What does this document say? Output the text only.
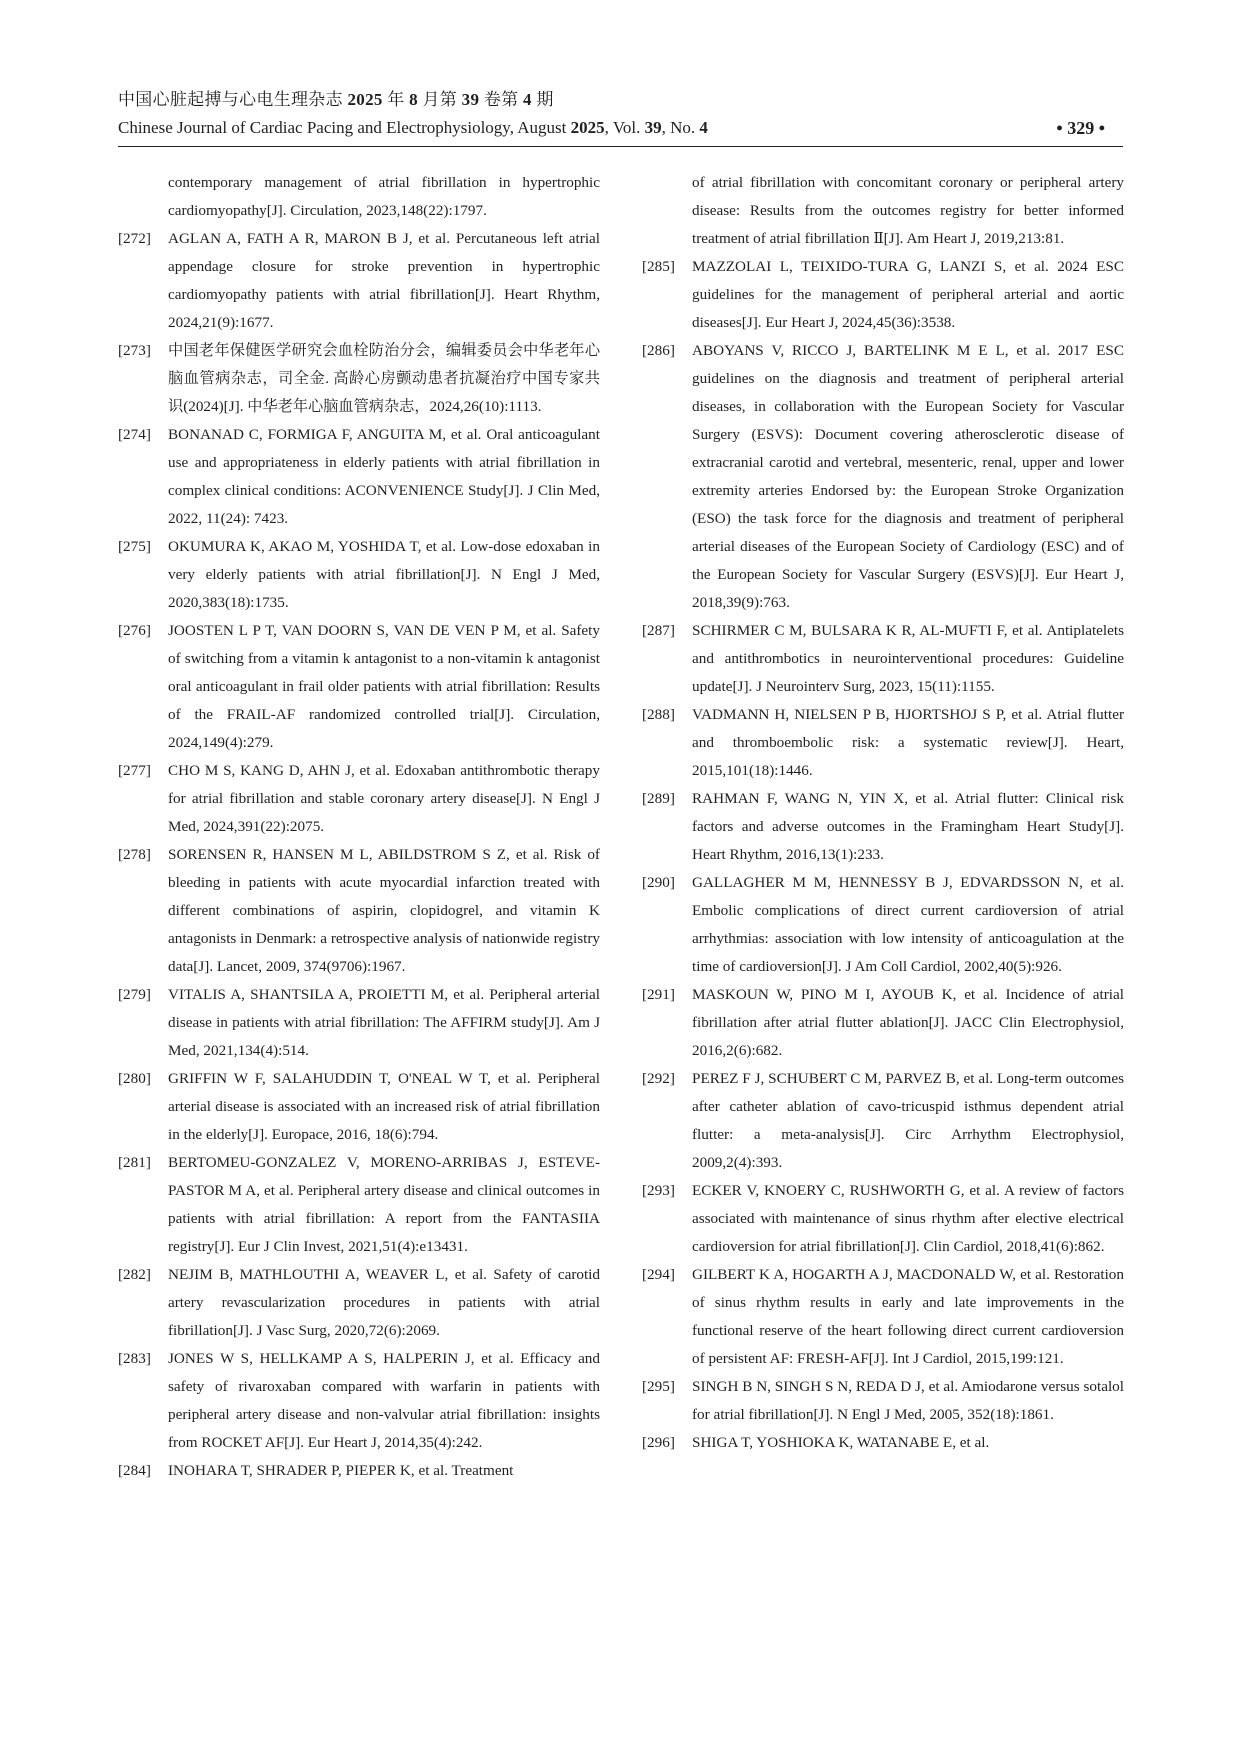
中国心脏起搏与心电生理杂志 2025 年 8 月第 39 卷第 4 期
Chinese Journal of Cardiac Pacing and Electrophysiology, August 2025, Vol. 39, No. 4	• 329 •
contemporary management of atrial fibrillation in hypertrophic cardiomyopathy[J]. Circulation, 2023,148(22):1797.
[272]	AGLAN A, FATH A R, MARON B J, et al. Percutaneous left atrial appendage closure for stroke prevention in hypertrophic cardiomyopathy patients with atrial fibrillation[J]. Heart Rhythm, 2024,21(9):1677.
[273]	中国老年保健医学研究会血栓防治分会，编辑委员会中华老年心脑血管病杂志，司全金. 高龄心房颤动患者抗凝治疗中国专家共识(2024)[J]. 中华老年心脑血管病杂志，2024,26(10):1113.
[274]	BONANAD C, FORMIGA F, ANGUITA M, et al. Oral anticoagulant use and appropriateness in elderly patients with atrial fibrillation in complex clinical conditions: ACONVENIENCE Study[J]. J Clin Med, 2022, 11(24): 7423.
[275]	OKUMURA K, AKAO M, YOSHIDA T, et al. Low-dose edoxaban in very elderly patients with atrial fibrillation[J]. N Engl J Med, 2020,383(18):1735.
[276]	JOOSTEN L P T, VAN DOORN S, VAN DE VEN P M, et al. Safety of switching from a vitamin k antagonist to a non-vitamin k antagonist oral anticoagulant in frail older patients with atrial fibrillation: Results of the FRAIL-AF randomized controlled trial[J]. Circulation, 2024,149(4):279.
[277]	CHO M S, KANG D, AHN J, et al. Edoxaban antithrombotic therapy for atrial fibrillation and stable coronary artery disease[J]. N Engl J Med, 2024,391(22):2075.
[278]	SORENSEN R, HANSEN M L, ABILDSTROM S Z, et al. Risk of bleeding in patients with acute myocardial infarction treated with different combinations of aspirin, clopidogrel, and vitamin K antagonists in Denmark: a retrospective analysis of nationwide registry data[J]. Lancet, 2009, 374(9706):1967.
[279]	VITALIS A, SHANTSILA A, PROIETTI M, et al. Peripheral arterial disease in patients with atrial fibrillation: The AFFIRM study[J]. Am J Med, 2021,134(4):514.
[280]	GRIFFIN W F, SALAHUDDIN T, O'NEAL W T, et al. Peripheral arterial disease is associated with an increased risk of atrial fibrillation in the elderly[J]. Europace, 2016, 18(6):794.
[281]	BERTOMEU-GONZALEZ V, MORENO-ARRIBAS J, ESTEVE-PASTOR M A, et al. Peripheral artery disease and clinical outcomes in patients with atrial fibrillation: A report from the FANTASIIA registry[J]. Eur J Clin Invest, 2021,51(4):e13431.
[282]	NEJIM B, MATHLOUTHI A, WEAVER L, et al. Safety of carotid artery revascularization procedures in patients with atrial fibrillation[J]. J Vasc Surg, 2020,72(6):2069.
[283]	JONES W S, HELLKAMP A S, HALPERIN J, et al. Efficacy and safety of rivaroxaban compared with warfarin in patients with peripheral artery disease and non-valvular atrial fibrillation: insights from ROCKET AF[J]. Eur Heart J, 2014,35(4):242.
[284]	INOHARA T, SHRADER P, PIEPER K, et al. Treatment
of atrial fibrillation with concomitant coronary or peripheral artery disease: Results from the outcomes registry for better informed treatment of atrial fibrillation Ⅱ[J]. Am Heart J, 2019,213:81.
[285]	MAZZOLAI L, TEIXIDO-TURA G, LANZI S, et al. 2024 ESC guidelines for the management of peripheral arterial and aortic diseases[J]. Eur Heart J, 2024,45(36):3538.
[286]	ABOYANS V, RICCO J, BARTELINK M E L, et al. 2017 ESC guidelines on the diagnosis and treatment of peripheral arterial diseases, in collaboration with the European Society for Vascular Surgery (ESVS): Document covering atherosclerotic disease of extracranial carotid and vertebral, mesenteric, renal, upper and lower extremity arteries Endorsed by: the European Stroke Organization (ESO) the task force for the diagnosis and treatment of peripheral arterial diseases of the European Society of Cardiology (ESC) and of the European Society for Vascular Surgery (ESVS)[J]. Eur Heart J, 2018,39(9):763.
[287]	SCHIRMER C M, BULSARA K R, AL-MUFTI F, et al. Antiplatelets and antithrombotics in neurointerventional procedures: Guideline update[J]. J Neurointerv Surg, 2023, 15(11):1155.
[288]	VADMANN H, NIELSEN P B, HJORTSHOJ S P, et al. Atrial flutter and thromboembolic risk: a systematic review[J]. Heart, 2015,101(18):1446.
[289]	RAHMAN F, WANG N, YIN X, et al. Atrial flutter: Clinical risk factors and adverse outcomes in the Framingham Heart Study[J]. Heart Rhythm, 2016,13(1):233.
[290]	GALLAGHER M M, HENNESSY B J, EDVARDSSON N, et al. Embolic complications of direct current cardioversion of atrial arrhythmias: association with low intensity of anticoagulation at the time of cardioversion[J]. J Am Coll Cardiol, 2002,40(5):926.
[291]	MASKOUN W, PINO M I, AYOUB K, et al. Incidence of atrial fibrillation after atrial flutter ablation[J]. JACC Clin Electrophysiol, 2016,2(6):682.
[292]	PEREZ F J, SCHUBERT C M, PARVEZ B, et al. Long-term outcomes after catheter ablation of cavo-tricuspid isthmus dependent atrial flutter: a meta-analysis[J]. Circ Arrhythm Electrophysiol, 2009,2(4):393.
[293]	ECKER V, KNOERY C, RUSHWORTH G, et al. A review of factors associated with maintenance of sinus rhythm after elective electrical cardioversion for atrial fibrillation[J]. Clin Cardiol, 2018,41(6):862.
[294]	GILBERT K A, HOGARTH A J, MACDONALD W, et al. Restoration of sinus rhythm results in early and late improvements in the functional reserve of the heart following direct current cardioversion of persistent AF: FRESH-AF[J]. Int J Cardiol, 2015,199:121.
[295]	SINGH B N, SINGH S N, REDA D J, et al. Amiodarone versus sotalol for atrial fibrillation[J]. N Engl J Med, 2005, 352(18):1861.
[296]	SHIGA T, YOSHIOKA K, WATANABE E, et al.
